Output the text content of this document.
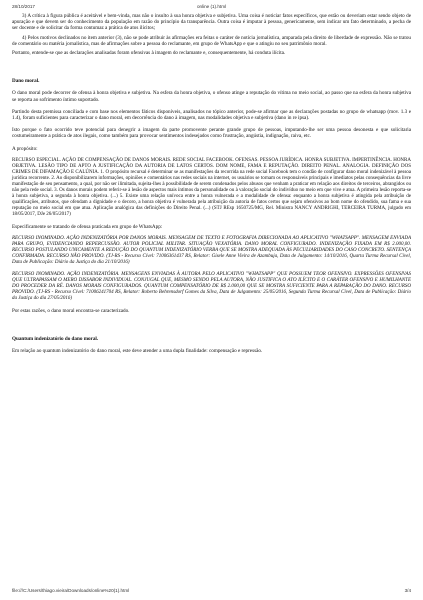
28/10/2017	online (1).html

3) A crítica à figura pública é aceitável e bem-vinda, mas não o insulto à sua honra objetiva e subjetiva. Uma coisa é noticiar fatos específicos, que estão ou deveriam estar sendo objeto de apuração e que devem ser do conhecimento da população em razão do princípio da transparência. Outra coisa é imputar à pessoa, genericamente, sem indicar um fato determinado, a pecha de ser docente e de solicitar da forma contumaz a prática de atos ilícitos;

4) Pelos motivos declinados no item anterior (3), não se pode atribuir às afirmações era feitas o caráter de notícia jornalística, amparada pela direito de liberdade de expressão. Não se tratou de comentário ou matéria jornalística, mas de afirmações sobre a pessoa do reclamante, em grupo de WhatsApp e que o atingiu no seu patrimônio moral.

Portanto, entende-se que as declarações analisadas foram ofensivas à imagem do reclamante e, consequentemente, há conduta ilícita.

Dano moral.

O dano moral pode decorrer de ofensa à honra objetiva e subjetiva. Na esfera da honra objetiva, o ofenso atinge a reputação do vítima no meio social, ao passo que na esfera da honra subjetiva se reporta ao sofrimento íntimo suportado.

Partindo desta premissa conciliada e com base nos elementos fáticos disponíveis, analisados no tópico anterior, pode-se afirmar que as declarações postadas no grupo de whatsapp (mov. 1.3 e 1.4), foram suficientes para caracterizar o dano moral, em decorrência do dano à imagem, nas modalidades objetiva e subjetiva (dano in re ipsa).

Isto porque o fato ocorrido teve potencial para denegrir a imagem da parte promovente perante grande grupo de pessoas, imputando-lhe ser uma pessoa desonesta e que solicitaria costumeiramente a prática de atos ilegais, como também para provocar sentimentos indesejados como frustração, angústia, indignação, raiva, etc.

A propósito:

RECURSO ESPECIAL. AÇÃO DE COMPENSAÇÃO DE DANOS MORAIS. REDE SOCIAL FACEBOOK. OFENSAS. PESSOA JURÍDICA. HONRA SUBJETIVA. IMPERTINÊNCIA. HONRA OBJETIVA. LESÃO TIPO DE APTO A JUSTIFICAÇÃO DA AUTORIA DE LATOS CERTOS. DOM NOME, FAMA E REPUTAÇÃO. DIREITO PENAL. ANALOGIA. DEFINIÇÃO DOS CRIMES DE DIFAMAÇÃO E CALÚNIA. 1. O propósito recursal é determinar se as manifestações da recorrida na rede social Facebook tem o condão de configurar dano moral indenizável à pessoa jurídica recorrente. 2. Ao disponibilizarem informações, opiniões e comentários nas redes sociais na internet, os usuários se tornam os responsáveis principais e imediatos pelas consequências da livre manifestação de seu pensamento, a qual, por não ser ilimitada, sujeita-lhes à possibilidade de serem condenados pelos abusos que venham a praticar em relação aos direitos de terceiros, abrangidos ou não pela rede social. 3. Os danos morais podem referir-se à lesão de aspectos mais íntimos da personalidade ou à valoração social do indivíduo no meio em que vive e atua. A primeira lesão reporta-se à honra subjetiva, a segunda à honra objetiva. (...) 5. Existe uma relação unívoca entre a honra vulnerada e a modalidade de ofensa: enquanto a honra subjetiva é atingida pela atribuição de qualificações, atributos, que ofendam a dignidade e o decoro, a honra objetiva é vulnerada pela atribuição da autoria de fatos certos que sejam ofensivos ao bom nome do ofendido, sua fama e sua reputação no meio social em que atua. Aplicação analógica das definições do Direito Penal. (...) (STJ REsp 1650725/MG, Rel. Ministra NANCY ANDRIGHI, TERCEIRA TURMA, julgado em 18/05/2017, DJe 26/05/2017)

Especificamente se tratando de ofensa praticada em grupo de WhatsApp:

RECURSO INOMINADO. AÇÃO INDENIZATÓRIA POR DANOS MORAIS. MENSAGEM DE TEXTO E FOTOGRAFIA DIRECIONADA AO APLICATIVO "WHATSAPP". MENSAGEM ENVIADA PARA GRUPO, EVIDENCIANDO REPERCUSSÃO. AUTOR POLICIAL MILITAR. SITUAÇÃO VEXATÓRIA. DANO MORAL CONFIGURADO. INDENIZAÇÃO FIXADA EM R$ 2.000,00. RECURSO POSTULANDO UNICAMENTE A REDUÇÃO DO QUANTUM INDENIZATÓRIO VERBA QUE SE MOSTRA ADEQUADA ÀS PECULIARIDADES DO CASO CONCRETO. SENTENÇA CONFIRMADA. RECURSO NÃO PROVIDO. (TJ-RS - Recurso Cível: 71006361437 RS, Relator: Gisele Anne Vieira de Azambuja, Data de Julgamento: 14/10/2016, Quarta Turma Recursal Cível, Data de Publicação: Diário da Justiça do dia 21/10/2016)

RECURSO INOMINADO. AÇÃO INDENIZATÓRIA. MENSAGENS ENVIADAS À AUTORA PELO APLICATIVO "WHATSAPP" QUE POSSUEM TEOR OFENSIVO. EXPRESSÕES OFENSIVAS QUE ULTRAPASSAM O MERO DISSABOR INDIVIDUAL. CONJUGAL QUE, MESMO SENDO PELA AUTORA, NÃO JUSTIFICA O ATO ILÍCITO E O CARÁTER OFENSIVO E HUMILHANTE DO PROCEDER DA RÉ. DANOS MORAIS CONFIGURADOS. QUANTUM COMPENSATÓRIO DE R$ 2.000,00 QUE SE MOSTRA SUFICIENTE PARA A REPARAÇÃO DO DANO. RECURSO PROVIDO. (TJ-RS - Recurso Cível: 71006241704 RS, Relator: Roberto Behrensdorf Gomes da Silva, Data de Julgamento: 25/05/2016, Segunda Turma Recursal Cível, Data de Publicação: Diário da Justiça do dia 27/05/2016)

Por estas razões, o dano moral encontra-se caracterizado.

Quantum indenizatório do dano moral.

Em relação ao quantum indenizatório do dano moral, este deve atender a uma dupla finalidade: compensação e repressão.

file:///C:/Users/thiago.vieira/Downloads/online%20(1).html	3/4
